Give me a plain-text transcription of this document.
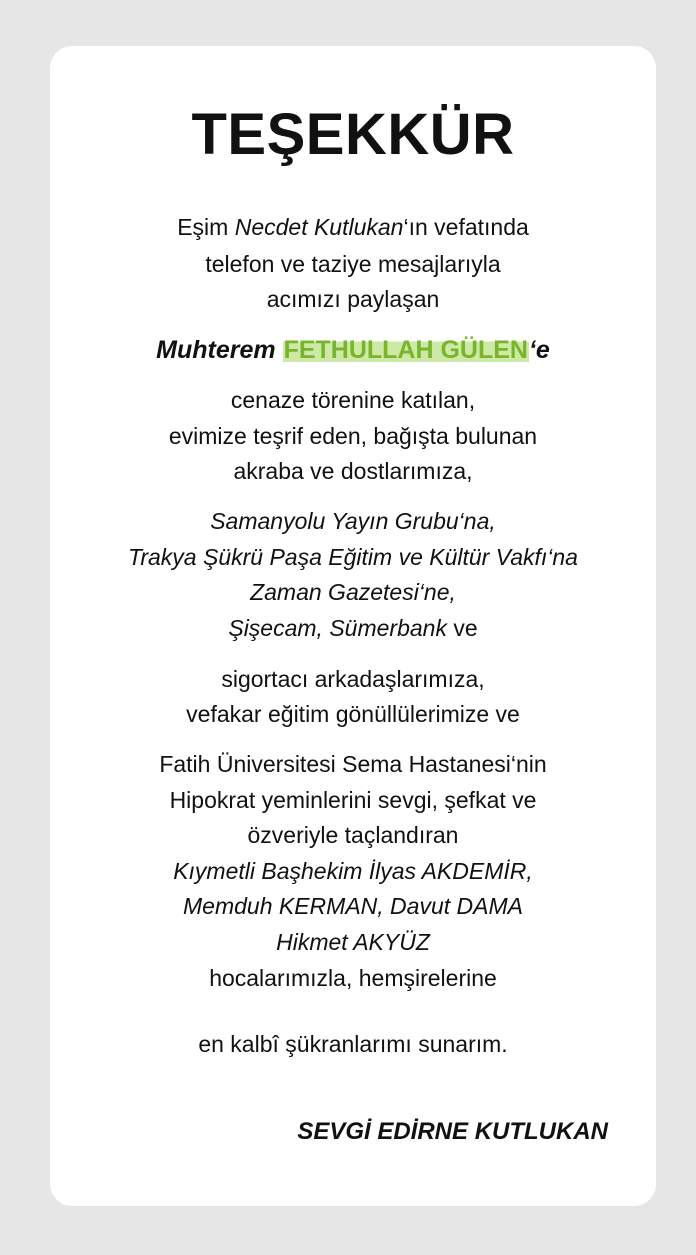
TEŞEKKÜR
Eşim Necdet Kutlukan‘ın vefatında
telefon ve taziye mesajlarıyla
acımızı paylaşan
Muhterem FETHULLAH GÜLEN‘e
cenaze törenine katılan,
evimize teşrif eden, bağışta bulunan
akraba ve dostlarımıza,
Samanyolu Yayın Grubu‘na,
Trakya Şükrü Paşa Eğitim ve Kültür Vakfı‘na
Zaman Gazetesi‘ne,
Şişecam, Sümerbank ve
sigortacı arkadaşlarımıza,
vefakar eğitim gönüllülerimize ve
Fatih Üniversitesi Sema Hastanesi‘nin
Hipokrat yeminlerini sevgi, şefkat ve
özveriyle taçlandıran
Kıymetli Başhekim İlyas AKDEMİR,
Memduh KERMAN, Davut DAMA
Hikmet AKYÜZ
hocalarımızla, hemşirelerine
en kalbî şükranlarımı sunarım.
SEVGİ EDİRNE KUTLUKAN
